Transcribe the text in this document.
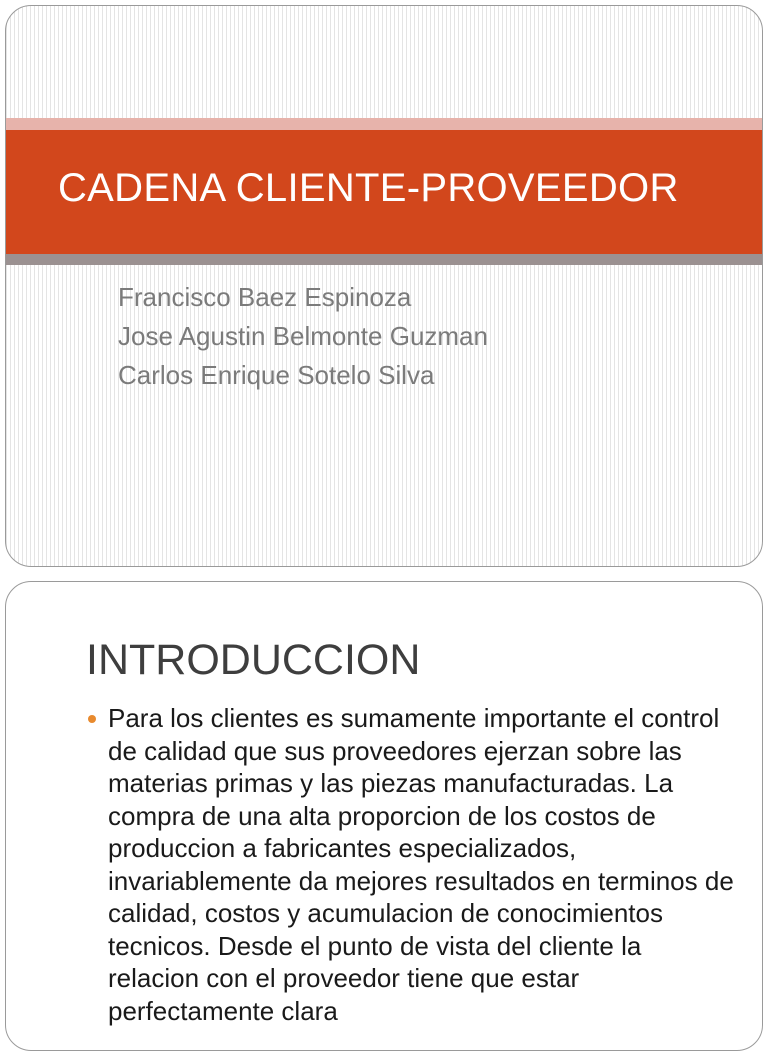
CADENA CLIENTE-PROVEEDOR
Francisco Baez Espinoza
Jose Agustin Belmonte Guzman
Carlos Enrique Sotelo Silva
INTRODUCCION
Para los clientes es sumamente importante el control de calidad que sus proveedores ejerzan sobre las materias primas y las piezas manufacturadas. La compra de una alta proporcion de los costos de produccion a fabricantes especializados, invariablemente da mejores resultados en terminos de calidad, costos y acumulacion de conocimientos tecnicos. Desde el punto de vista del cliente la relacion con el proveedor tiene que estar perfectamente clara
